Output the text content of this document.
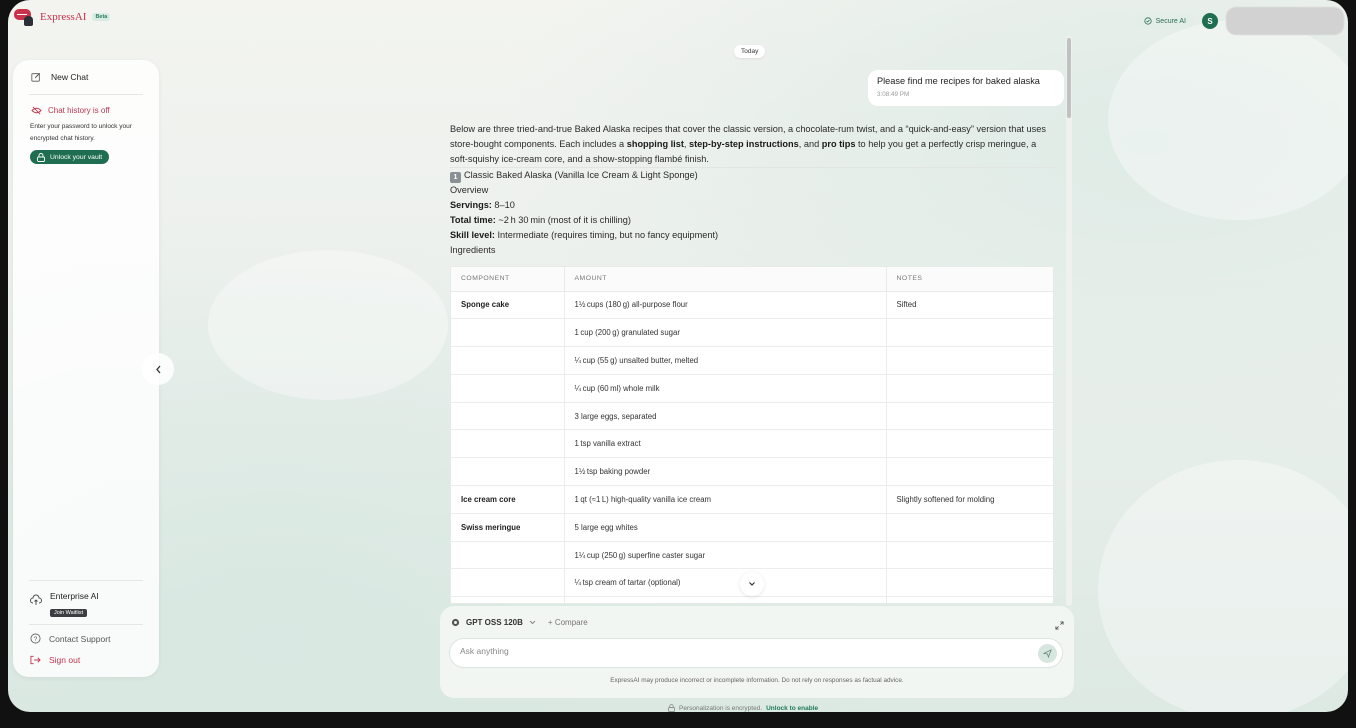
ExpressAI	Beta
Secure AI	S
New Chat
Chat history is off
Enter your password to unlock your encrypted chat history.
Unlock your vault
Enterprise AI
Join Waitlist
? Contact Support
Sign out
Today
Please find me recipes for baked alaska
3:08:49 PM
Below are three tried-and-true Baked Alaska recipes that cover the classic version, a chocolate-rum twist, and a “quick-and-easy” version that uses store-bought components. Each includes a shopping list, step-by-step instructions, and pro tips to help you get a perfectly crisp meringue, a soft-squishy ice-cream core, and a show-stopping flambé finish.
1 Classic Baked Alaska (Vanilla Ice Cream & Light Sponge)
Overview
Servings: 8–10
Total time: ~2 h 30 min (most of it is chilling)
Skill level: Intermediate (requires timing, but no fancy equipment)
Ingredients
COMPONENT	AMOUNT	NOTES
Sponge cake	1½ cups (180 g) all-purpose flour	Sifted
	1 cup (200 g) granulated sugar	
	¼ cup (55 g) unsalted butter, melted	
	¼ cup (60 ml) whole milk	
	3 large eggs, separated	
	1 tsp vanilla extract	
	1½ tsp baking powder	
Ice cream core	1 qt (≈1 L) high-quality vanilla ice cream	Slightly softened for molding
Swiss meringue	5 large egg whites	
	1¼ cup (250 g) superfine caster sugar	
	¼ tsp cream of tartar (optional)	

GPT OSS 120B	+ Compare
Ask anything
ExpressAI may produce incorrect or incomplete information. Do not rely on responses as factual advice.
Personalization is encrypted. Unlock to enable
